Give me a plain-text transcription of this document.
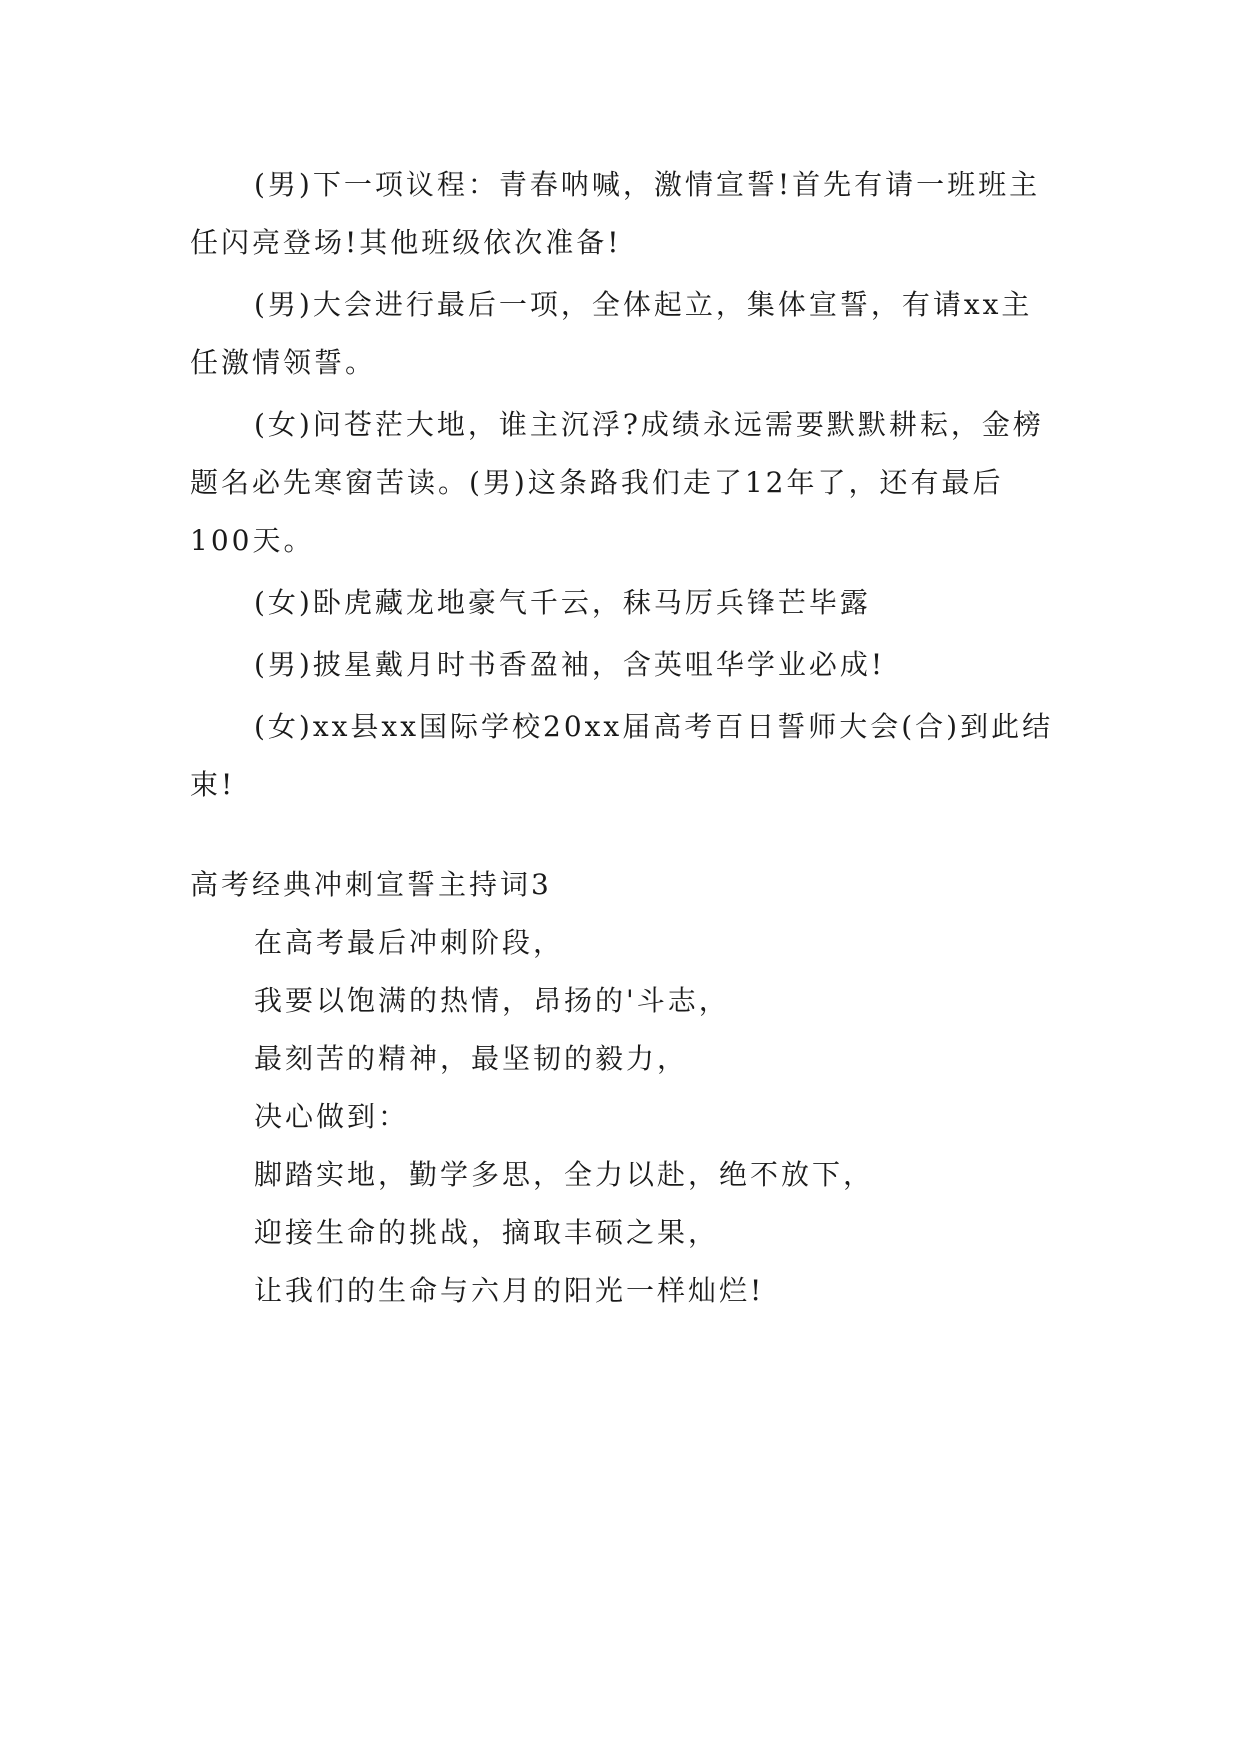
(男)下一项议程：青春呐喊，激情宣誓!首先有请一班班主任闪亮登场!其他班级依次准备!

(男)大会进行最后一项，全体起立，集体宣誓，有请xx主任激情领誓。

(女)问苍茫大地，谁主沉浮?成绩永远需要默默耕耘，金榜题名必先寒窗苦读。(男)这条路我们走了12年了，还有最后100天。

(女)卧虎藏龙地豪气千云，秣马厉兵锋芒毕露

(男)披星戴月时书香盈袖，含英咀华学业必成!

(女)xx县xx国际学校20xx届高考百日誓师大会(合)到此结束!

高考经典冲刺宣誓主持词3

在高考最后冲刺阶段，

我要以饱满的热情，昂扬的'斗志，

最刻苦的精神，最坚韧的毅力，

决心做到：

脚踏实地，勤学多思，全力以赴，绝不放下，

迎接生命的挑战，摘取丰硕之果，

让我们的生命与六月的阳光一样灿烂!
